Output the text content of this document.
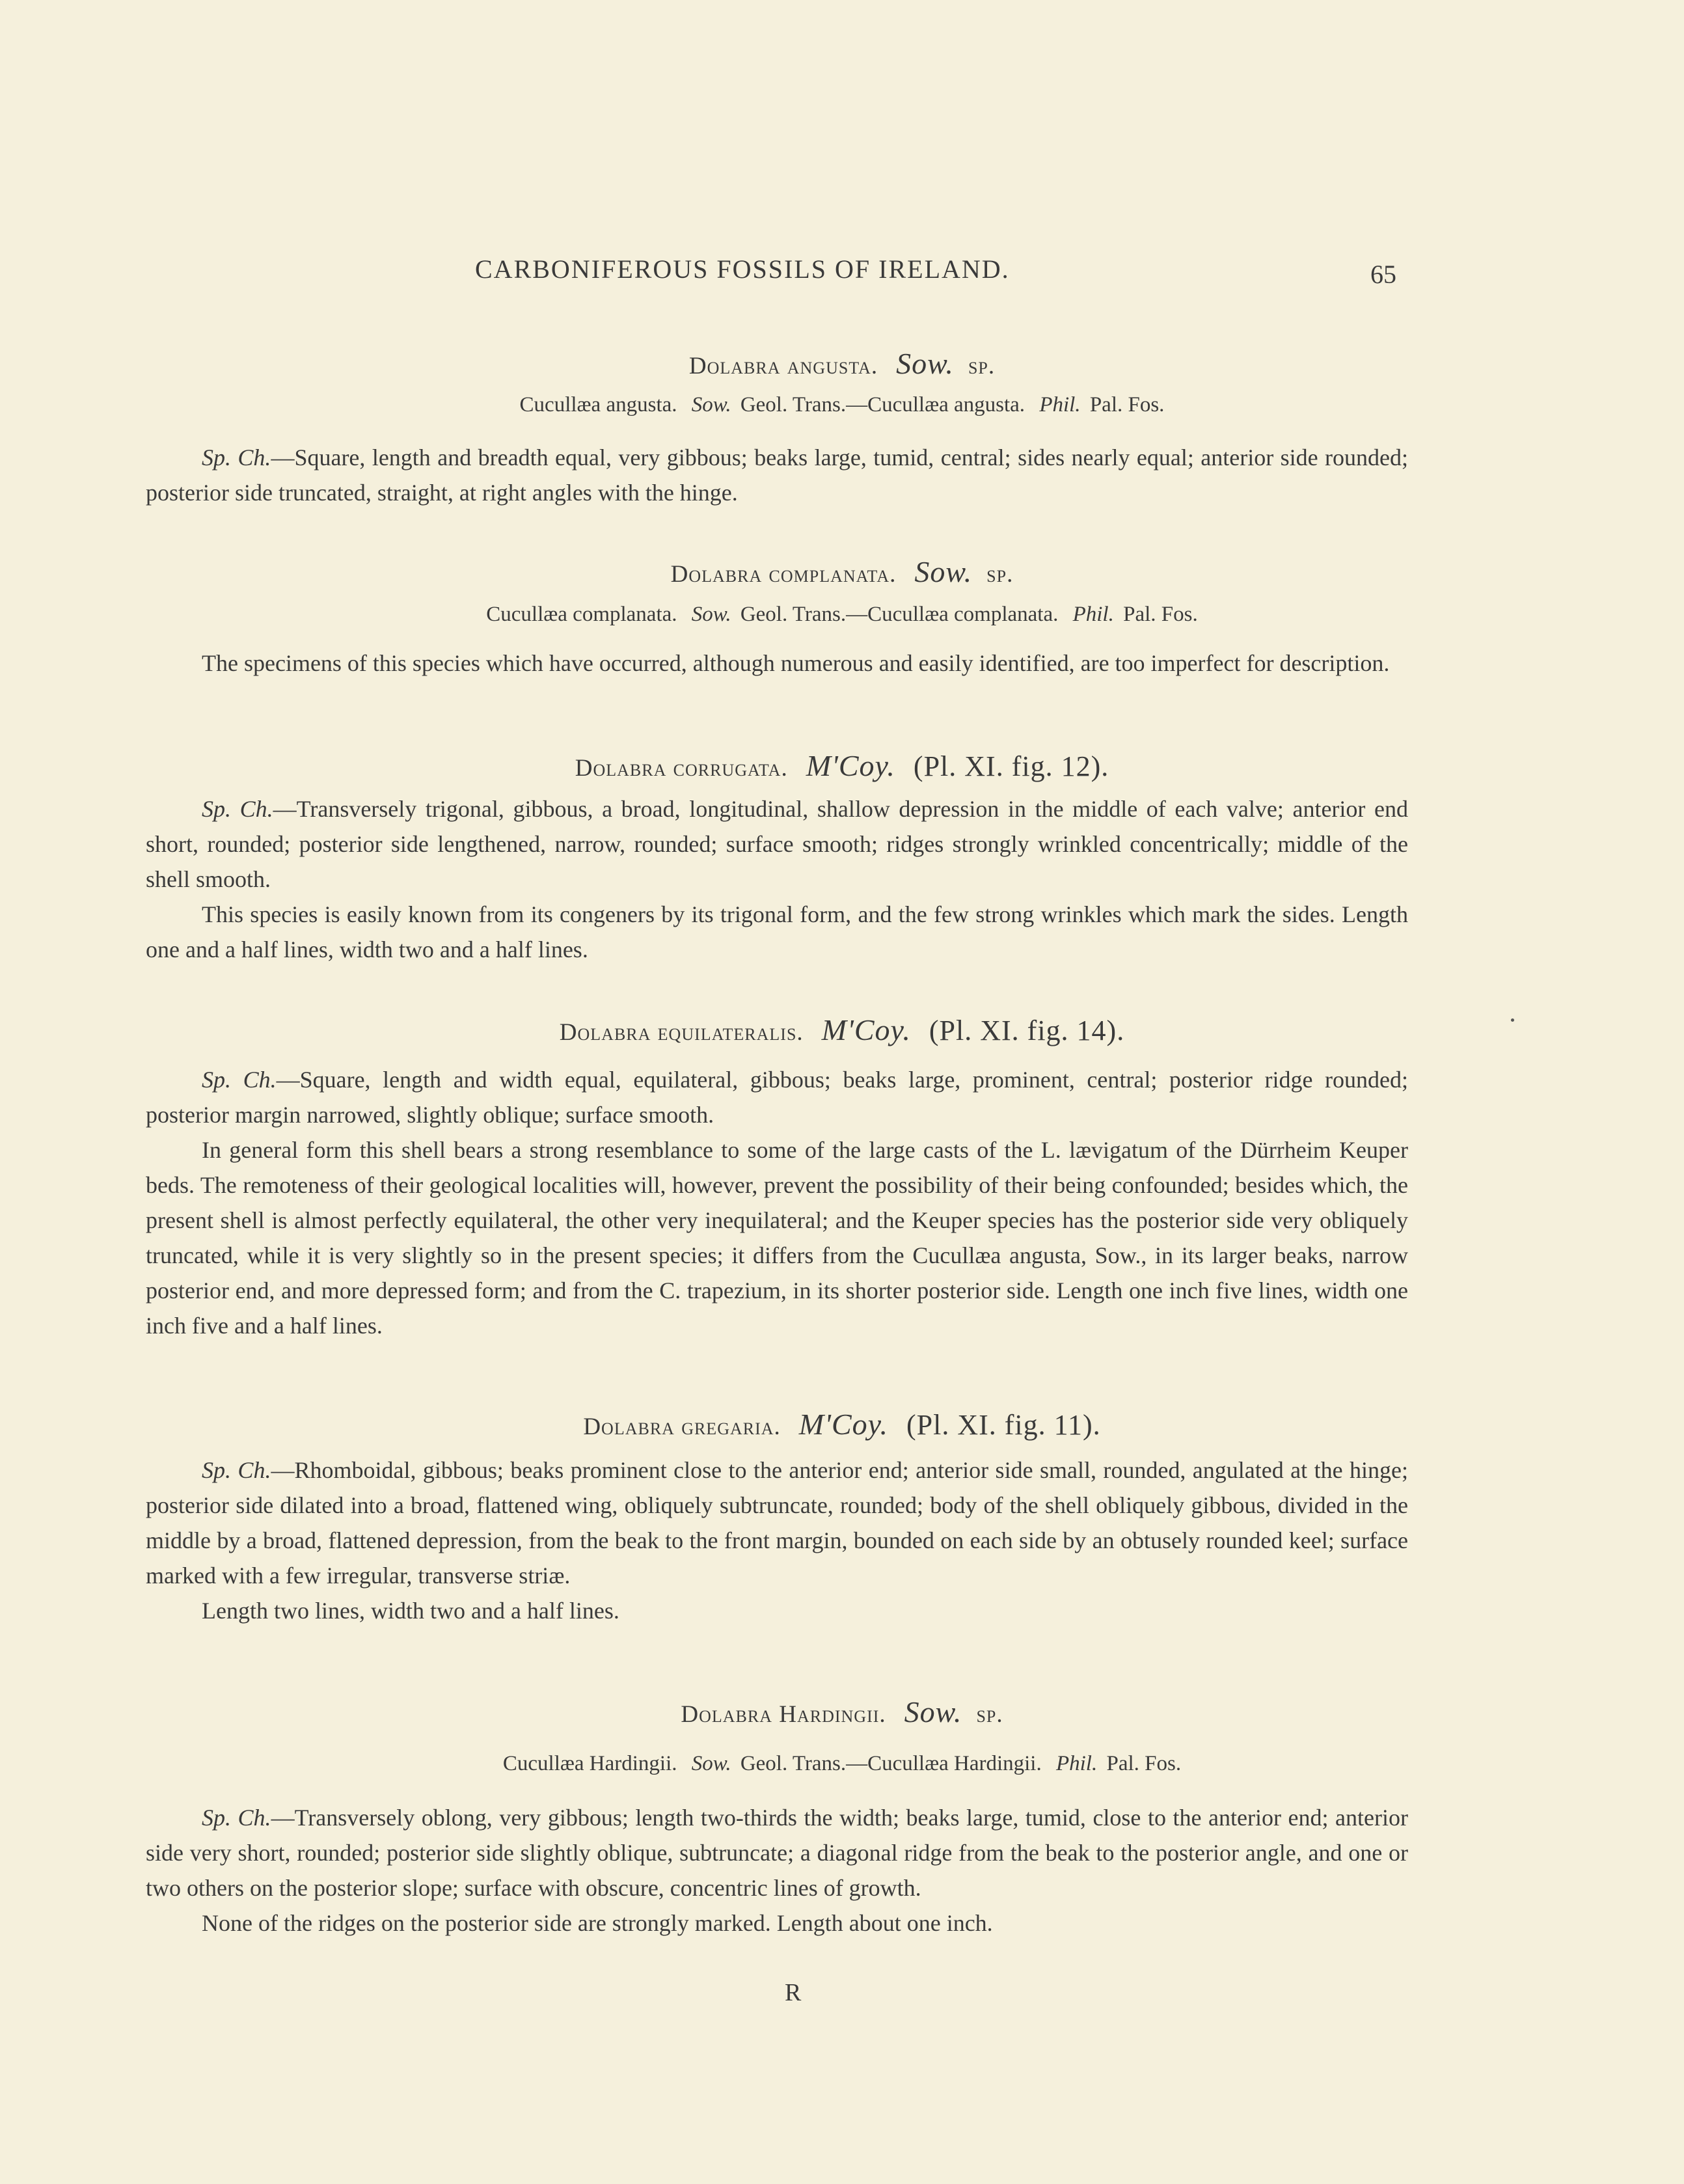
CARBONIFEROUS FOSSILS OF IRELAND.	65
Dolabra angusta. Sow. sp.
Cucullæa angusta. Sow. Geol. Trans.—Cucullæa angusta. Phil. Pal. Fos.

Sp. Ch.—Square, length and breadth equal, very gibbous; beaks large, tumid, central; sides nearly equal; anterior side rounded; posterior side truncated, straight, at right angles with the hinge.

Dolabra complanata. Sow. sp.
Cucullæa complanata. Sow. Geol. Trans.—Cucullæa complanata. Phil. Pal. Fos.

The specimens of this species which have occurred, although numerous and easily identified, are too imperfect for description.

Dolabra corrugata. M'Coy. (Pl. XI. fig. 12).

Sp. Ch.—Transversely trigonal, gibbous, a broad, longitudinal, shallow depression in the middle of each valve; anterior end short, rounded; posterior side lengthened, narrow, rounded; surface smooth; ridges strongly wrinkled concentrically; middle of the shell smooth.

This species is easily known from its congeners by its trigonal form, and the few strong wrinkles which mark the sides. Length one and a half lines, width two and a half lines.

Dolabra equilateralis. M'Coy. (Pl. XI. fig. 14).

Sp. Ch.—Square, length and width equal, equilateral, gibbous; beaks large, prominent, central; posterior ridge rounded; posterior margin narrowed, slightly oblique; surface smooth.

In general form this shell bears a strong resemblance to some of the large casts of the L. lævigatum of the Dürrheim Keuper beds. The remoteness of their geological localities will, however, prevent the possibility of their being confounded; besides which, the present shell is almost perfectly equilateral, the other very inequilateral; and the Keuper species has the posterior side very obliquely truncated, while it is very slightly so in the present species; it differs from the Cucullæa angusta, Sow., in its larger beaks, narrow posterior end, and more depressed form; and from the C. trapezium, in its shorter posterior side. Length one inch five lines, width one inch five and a half lines.

Dolabra gregaria. M'Coy. (Pl. XI. fig. 11).

Sp. Ch.—Rhomboidal, gibbous; beaks prominent close to the anterior end; anterior side small, rounded, angulated at the hinge; posterior side dilated into a broad, flattened wing, obliquely subtruncate, rounded; body of the shell obliquely gibbous, divided in the middle by a broad, flattened depression, from the beak to the front margin, bounded on each side by an obtusely rounded keel; surface marked with a few irregular, transverse striæ.

Length two lines, width two and a half lines.

Dolabra Hardingii. Sow. sp.
Cucullæa Hardingii. Sow. Geol. Trans.—Cucullæa Hardingii. Phil. Pal. Fos.

Sp. Ch.—Transversely oblong, very gibbous; length two-thirds the width; beaks large, tumid, close to the anterior end; anterior side very short, rounded; posterior side slightly oblique, subtruncate; a diagonal ridge from the beak to the posterior angle, and one or two others on the posterior slope; surface with obscure, concentric lines of growth.

None of the ridges on the posterior side are strongly marked. Length about one inch.

R
